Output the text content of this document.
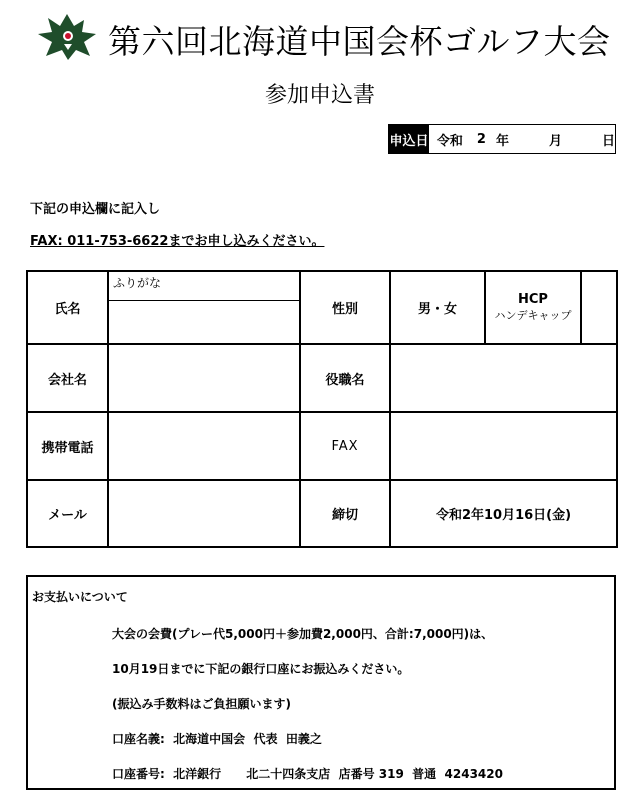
第六回北海道中国会杯ゴルフ大会
参加申込書
申込日 令和 2 年	月	日
下記の申込欄に記入し
FAX: 011-753-6622までお申し込みください。
氏名	ふりがな	性別	男・女	HCP
ハンデキャップ	

会社名		役職名			
携帯電話		FAX			
メール		締切	令和2年10月16日(金)		
お支払いについて
大会の会費(プレー代5,000円＋参加費2,000円、合計:7,000円)は、
10月19日までに下記の銀行口座にお振込みください。
(振込み手数料はご負担願います)
口座名義:  北海道中国会  代表  田義之
口座番号:  北洋銀行      北二十四条支店  店番号 319  普通  4243420
